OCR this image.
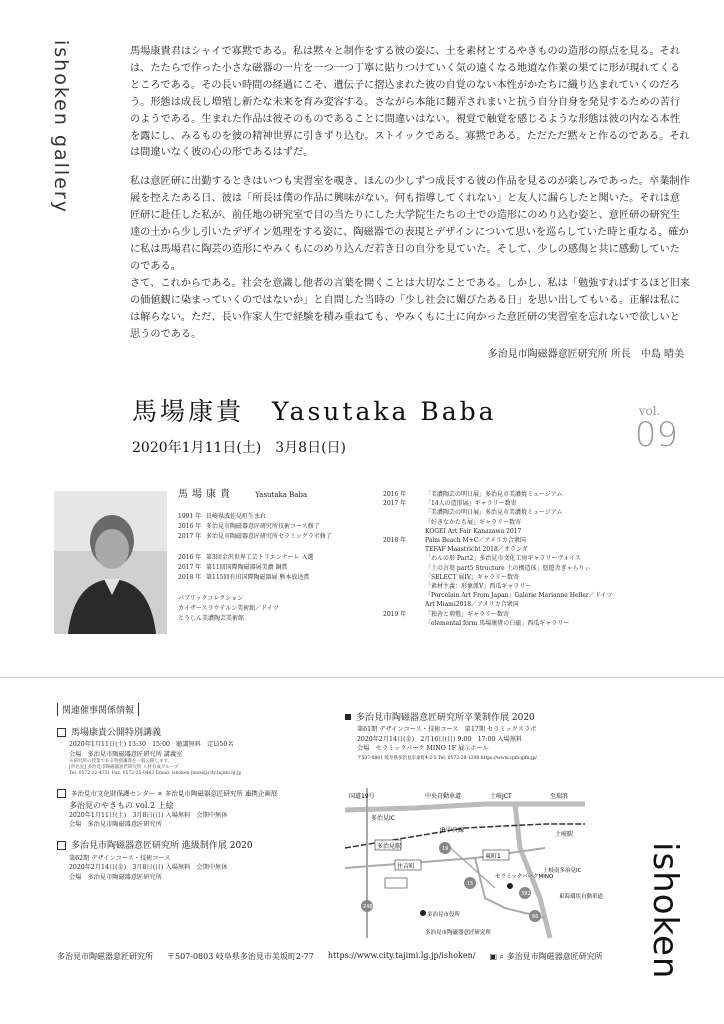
ishoken gallery	馬場康貴君はシャイで寡黙である。私は黙々と制作をする彼の姿に、土を素材とするやきものの造形の原点を見る。それは、たたらで作った小さな磁器の一片を一つ一つ丁寧に貼りつけていく気の遠くなる地道な作業の果てに形が現れてくるところである。その長い時間の経過にこそ、遺伝子に摺込まれた彼の自覚のない本性がかたちに織り込まれていくのだろう。形態は成長し増殖し新たな未来を育み変容する。さながら本能に翻弄されまいと抗う自分自身を発見するための苦行のようである。生まれた作品は彼そのものであることに間違いはない。視覚で触覚を感じるような形態は彼の内なる本性を露にし、みるものを彼の精神世界に引きずり込む。ストイックである。寡黙である。ただただ黙々と作るのである。それは間違いなく彼の心の形であるはずだ。

私は意匠研に出勤するときはいつも実習室を覗き、ほんの少しずつ成長する彼の作品を見るのが楽しみであった。卒業制作展を控えたある日、彼は「所長は僕の作品に興味がない。何も指導してくれない」と友人に漏らしたと聞いた。それは意匠研に赴任した私が、前任地の研究室で目の当たりにした大学院生たちの土での造形にのめり込む姿と、意匠研の研究生達の土から少し引いたデザイン処理をする姿に、陶磁器での表現とデザインについて思いを巡らしていた時と重なる。確かに私は馬場君に陶芸の造形にやみくもにのめり込んだ若き日の自分を見ていた。そして、少しの感傷と共に感動していたのである。

さて、これからである。社会を意識し他者の言葉を開くことは大切なことである。しかし、私は「勉強すればするほど旧来の価値観に染まっていくのではないか」と自問した当時の「少し社会に媚びたある日」を思い出してもいる。正解は私には解らない。ただ、長い作家人生で経験を積み重ねても、やみくもに土に向かった意匠研の実習室を忘れないで欲しいと思うのである。

多治見市陶磁器意匠研究所 所長　中島 晴美
馬場康貴　Yasutaka Baba
2020年1月11日(土)　3月8日(日)
vol.
09
馬場康貴	Yasutaka Baba
1991 年 長崎県波佐見町生まれ
2016 年 多治見市陶磁器意匠研究所技術コース修了
2017 年 多治見市陶磁器意匠研究所セラミックラボ修了
2016 年 第3回金沢世界工芸トリエンナーレ 入選
2017 年 第11回国際陶磁器展美濃 銅賞
2018 年 第115回有田国際陶磁器展 熊本放送賞
パブリックコレクション
カイザースラウテルン美術館／ドイツ
とうしん美濃陶芸美術館
2016 年	「美濃陶芸の明日展」多治見市美濃焼ミュージアム
2017 年	「14人の造形展」ギャラリー数寄
「美濃陶芸の明日展」多治見市美濃焼ミュージアム
「好きなかたち展」ギャラリー数寄
KOGEI Art Fair Kanazawa 2017
2018 年	Palm Beach M+C／アメリカ合衆国
TEFAF Maastricht 2018／オランダ
「わんの形 Part2」多治見市文化工房ギャラリーヴォイス
「土の言葉 part5 Structure 土の構造体」悠遊舎ぎゃらりぃ
「SELECT 展IV」ギャラリー数寄
「素材主義：形象派V」西瓜ギャラリー
「Porcelain Art From Japan」Galerie Marianne Heller／ドイツ
Art Miami2018／アメリカ合衆国
2019 年	「独善と増殖」ギャラリー数寄
「elemental form 馬場康貴の白磁」西瓜ギャラリー
関連催事関係情報
馬場康貴公開特別講義
2020年1月11日(土) 13:30　15:00　聴講無料　定員50名
会場　多治見市陶磁器意匠研究所 講義室
※研究所の授業である特別講義を一般公開します。
[申込先] 多治見市陶磁器意匠研究所 人材育成グループ
Tel. 0572-22-4731 Fax. 0572-25-0463 Email: ishoken-jinzai@city.tajimi.lg.jp
多治見市文化財保護センター × 多治見市陶磁器意匠研究所 連携企画展
多治見のやきもの vol.2 上絵
2020年1月11日(土)　3月8日(日) 入場無料　会期中無休
会場　多治見市陶磁器意匠研究所
多治見市陶磁器意匠研究所 進級制作展 2020
第62期 デザインコース・技術コース
2020年2月14日(金)　3月8日(日) 入場無料　会期中無休
会場　多治見市陶磁器意匠研究所
多治見市陶磁器意匠研究所卒業制作展 2020
第61期 デザインコース・技術コース　第17期 セラミックスラボ
2020年2月14日(金)　2月16日(日) 9:00　17:00 入場無料
会場　セラミックパーク MINO 1F 展示ホール
〒507-0801 岐阜県多治見市東町4-2-5 Tel. 0572-28-1200 https://www.cpm-gifu.jp/
国道19号	中央自動車道	土岐JCT	至瑞浪
多治見IC
JR中央線
多治見駅
土岐駅
住吉町
東町1
セラミックパークMINO
土岐南多治見IC
東海環状自動車道
多治見市役所
多治見市陶磁器意匠研究所
248
19
15
392
66	ishoken
多治見市陶磁器意匠研究所 〒507-0803 岐阜県多治見市美坂町2-77 https://www.city.tajimi.lg.jp/ishoken/ ▣ ⌕ 多治見市陶磁器意匠研究所
